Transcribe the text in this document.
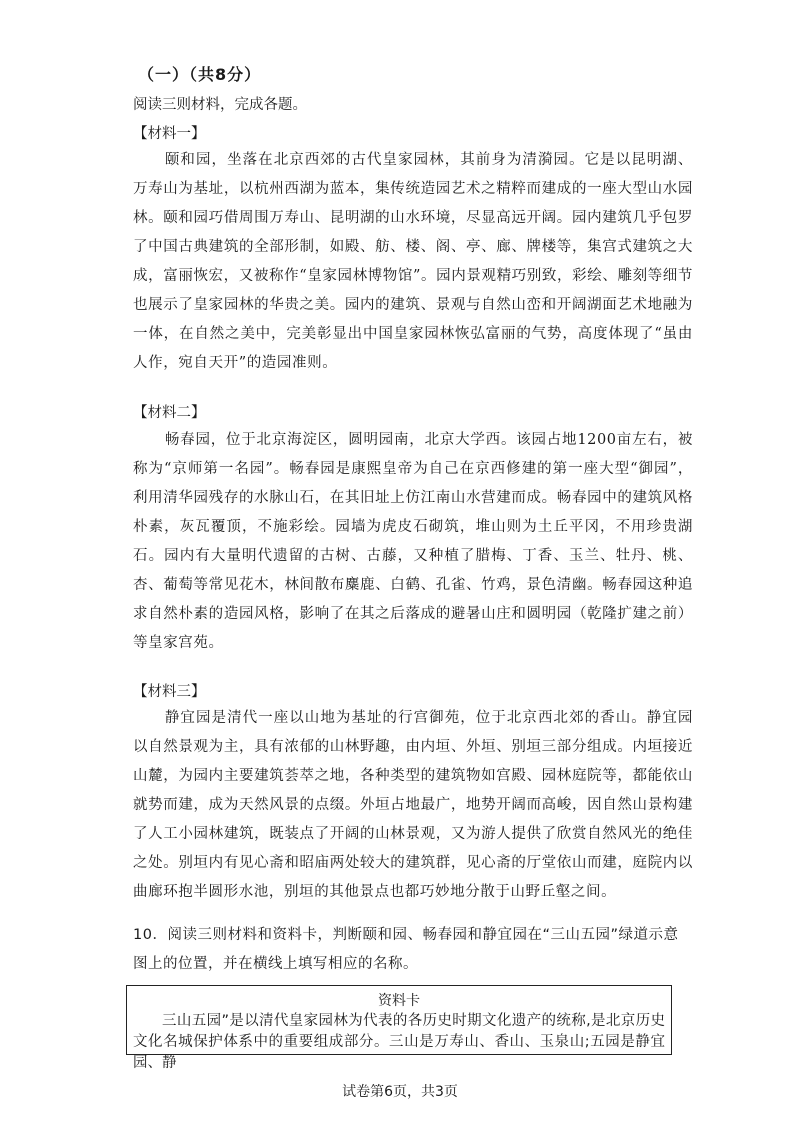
（一）（共8分）
阅读三则材料，完成各题。
【材料一】

颐和园，坐落在北京西郊的古代皇家园林，其前身为清漪园。它是以昆明湖、万寿山为基址，以杭州西湖为蓝本，集传统造园艺术之精粹而建成的一座大型山水园林。颐和园巧借周围万寿山、昆明湖的山水环境，尽显高远开阔。园内建筑几乎包罗了中国古典建筑的全部形制，如殿、舫、楼、阁、亭、廊、牌楼等，集宫式建筑之大成，富丽恢宏，又被称作“皇家园林博物馆”。园内景观精巧别致，彩绘、雕刻等细节也展示了皇家园林的华贵之美。园内的建筑、景观与自然山峦和开阔湖面艺术地融为一体，在自然之美中，完美彰显出中国皇家园林恢弘富丽的气势，高度体现了“虽由人作，宛自天开”的造园准则。

【材料二】

畅春园，位于北京海淀区，圆明园南，北京大学西。该园占地1200亩左右，被称为“京师第一名园”。畅春园是康熙皇帝为自己在京西修建的第一座大型“御园”，利用清华园残存的水脉山石，在其旧址上仿江南山水营建而成。畅春园中的建筑风格朴素，灰瓦覆顶，不施彩绘。园墙为虎皮石砌筑，堆山则为土丘平冈，不用珍贵湖石。园内有大量明代遗留的古树、古藤，又种植了腊梅、丁香、玉兰、牡丹、桃、杏、葡萄等常见花木，林间散布麋鹿、白鹤、孔雀、竹鸡，景色清幽。畅春园这种追求自然朴素的造园风格，影响了在其之后落成的避暑山庄和圆明园（乾隆扩建之前）等皇家宫苑。

【材料三】

静宜园是清代一座以山地为基址的行宫御苑，位于北京西北郊的香山。静宜园以自然景观为主，具有浓郁的山林野趣，由内垣、外垣、别垣三部分组成。内垣接近山麓，为园内主要建筑荟萃之地，各种类型的建筑物如宫殿、园林庭院等，都能依山就势而建，成为天然风景的点缀。外垣占地最广，地势开阔而高峻，因自然山景构建了人工小园林建筑，既装点了开阔的山林景观，又为游人提供了欣赏自然风光的绝佳之处。别垣内有见心斋和昭庙两处较大的建筑群，见心斋的厅堂依山而建，庭院内以曲廊环抱半圆形水池，别垣的其他景点也都巧妙地分散于山野丘壑之间。

10．阅读三则材料和资料卡，判断颐和园、畅春园和静宜园在“三山五园”绿道示意图上的位置，并在横线上填写相应的名称。
资料卡

三山五园”是以清代皇家园林为代表的各历史时期文化遗产的统称,是北京历史文化名城保护体系中的重要组成部分。三山是万寿山、香山、玉泉山;五园是静宜园、静

试卷第6页，共3页
